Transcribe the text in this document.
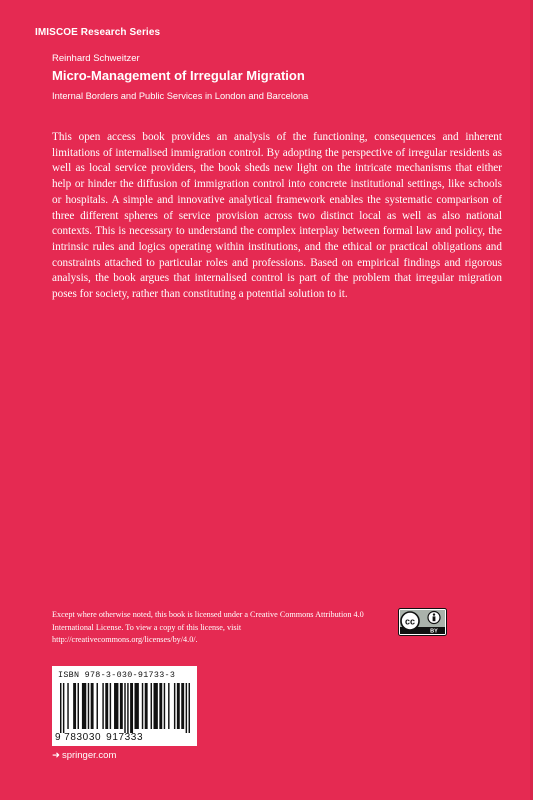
IMISCOE Research Series
Reinhard Schweitzer
Micro-Management of Irregular Migration
Internal Borders and Public Services in London and Barcelona
This open access book provides an analysis of the functioning, consequences and inherent limitations of internalised immigration control. By adopting the perspective of irregular residents as well as local service providers, the book sheds new light on the intricate mechanisms that either help or hinder the diffusion of immigration control into concrete institutional settings, like schools or hospitals. A simple and innovative analytical framework enables the systematic comparison of three different spheres of service provision across two distinct local as well as also national contexts. This is necessary to understand the complex interplay between formal law and policy, the intrinsic rules and logics operating within institutions, and the ethical or practical obligations and constraints attached to particular roles and professions. Based on empirical findings and rigorous analysis, the book argues that internalised control is part of the problem that irregular migration poses for society, rather than constituting a potential solution to it.
Except where otherwise noted, this book is licensed under a Creative Commons Attribution 4.0 International License. To view a copy of this license, visit http://creativecommons.org/licenses/by/4.0/.
cc
BY
ISBN 978-3-030-91733-3
9 783030 917333
➜ springer.com
